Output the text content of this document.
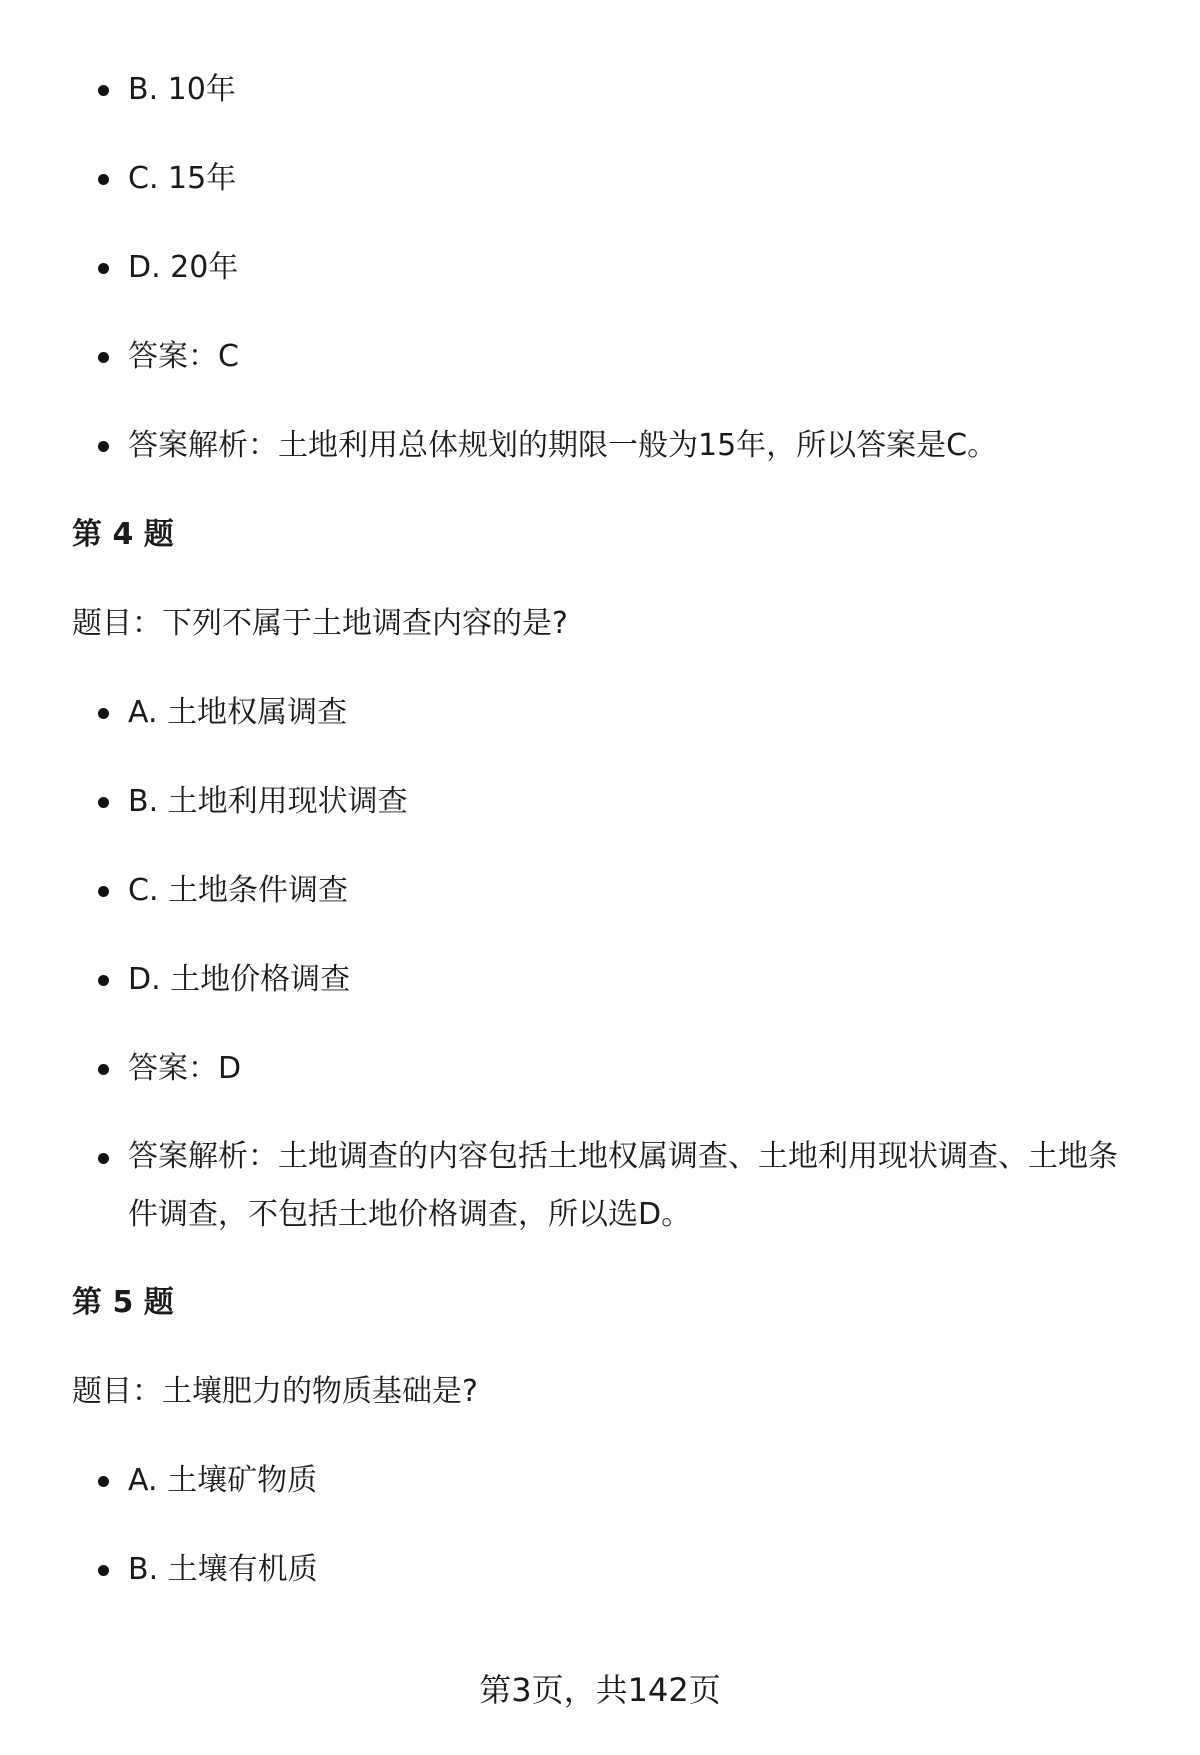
B. 10年
C. 15年
D. 20年
答案：C
答案解析：土地利用总体规划的期限一般为15年，所以答案是C。
第 4 题
题目：下列不属于土地调查内容的是?
A. 土地权属调查
B. 土地利用现状调查
C. 土地条件调查
D. 土地价格调查
答案：D
答案解析：土地调查的内容包括土地权属调查、土地利用现状调查、土地条件调查，不包括土地价格调查，所以选D。
第 5 题
题目：土壤肥力的物质基础是?
A. 土壤矿物质
B. 土壤有机质
第3页，共142页
